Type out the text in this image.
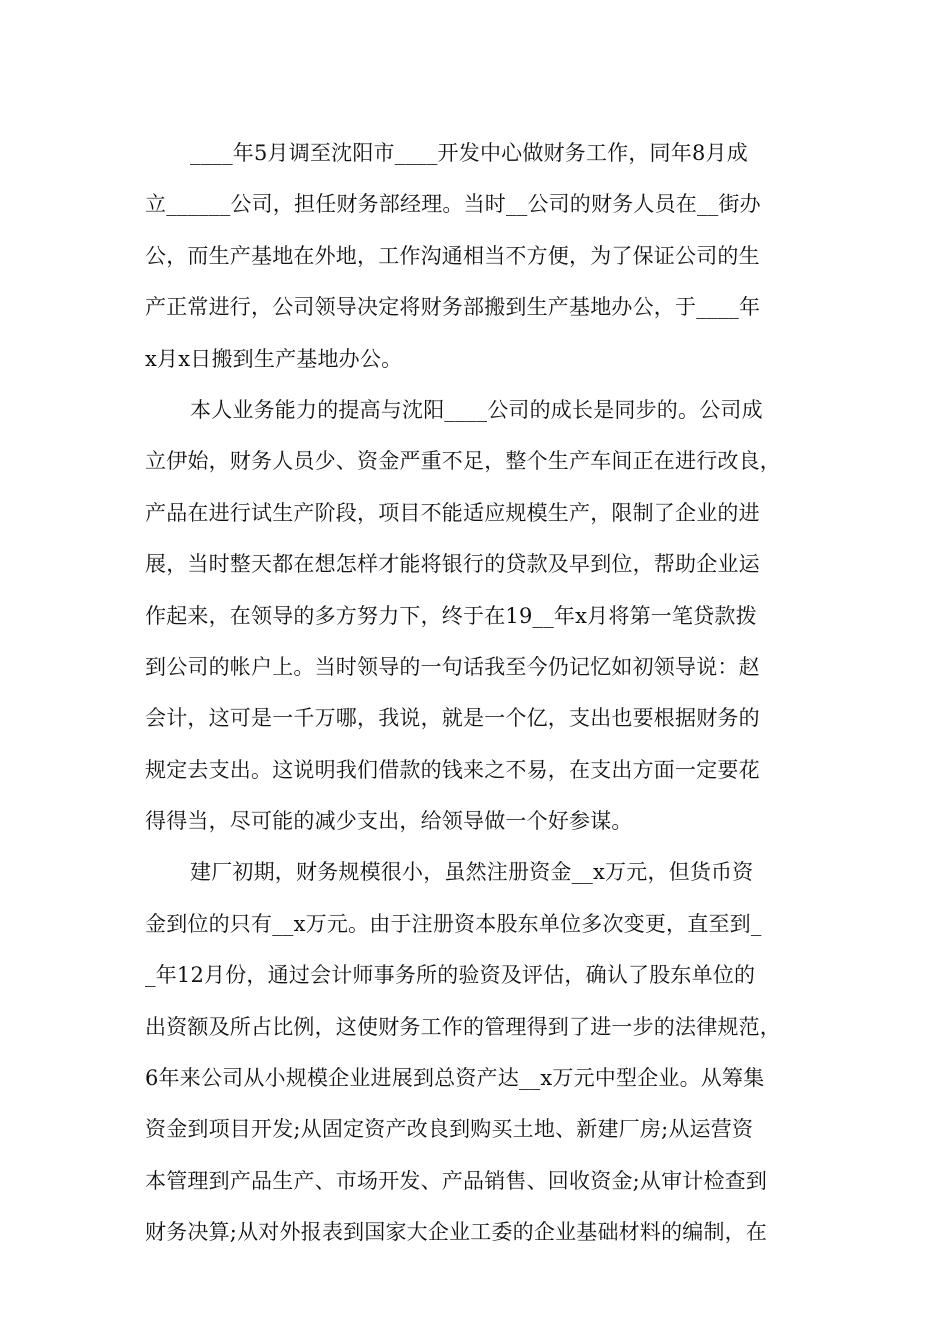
____年5月调至沈阳市____开发中心做财务工作，同年8月成
立______公司，担任财务部经理。当时__公司的财务人员在__街办
公，而生产基地在外地，工作沟通相当不方便，为了保证公司的生
产正常进行，公司领导决定将财务部搬到生产基地办公，于____年
x月x日搬到生产基地办公。
本人业务能力的提高与沈阳____公司的成长是同步的。公司成
立伊始，财务人员少、资金严重不足，整个生产车间正在进行改良，
产品在进行试生产阶段，项目不能适应规模生产，限制了企业的进
展，当时整天都在想怎样才能将银行的贷款及早到位，帮助企业运
作起来，在领导的多方努力下，终于在19__年x月将第一笔贷款拨
到公司的帐户上。当时领导的一句话我至今仍记忆如初领导说：赵
会计，这可是一千万哪，我说，就是一个亿，支出也要根据财务的
规定去支出。这说明我们借款的钱来之不易，在支出方面一定要花
得得当，尽可能的减少支出，给领导做一个好参谋。
建厂初期，财务规模很小，虽然注册资金__x万元，但货币资
金到位的只有__x万元。由于注册资本股东单位多次变更，直至到_
_年12月份，通过会计师事务所的验资及评估，确认了股东单位的
出资额及所占比例，这使财务工作的管理得到了进一步的法律规范，
6年来公司从小规模企业进展到总资产达__x万元中型企业。从筹集
资金到项目开发;从固定资产改良到购买土地、新建厂房;从运营资
本管理到产品生产、市场开发、产品销售、回收资金;从审计检查到
财务决算;从对外报表到国家大企业工委的企业基础材料的编制，在
